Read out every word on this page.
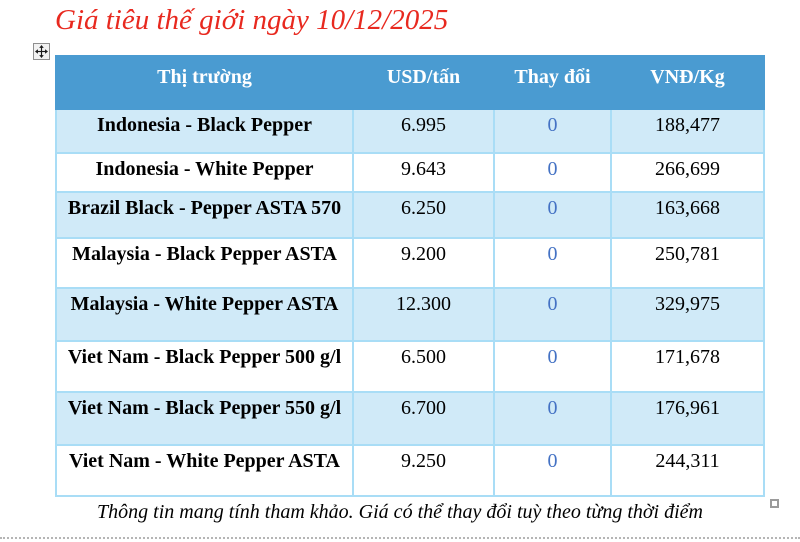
Giá tiêu thế giới ngày 10/12/2025
Thị trường	USD/tấn	Thay đổi	VNĐ/Kg
Indonesia - Black Pepper	6.995	0	188,477
Indonesia - White Pepper	9.643	0	266,699
Brazil Black - Pepper ASTA 570	6.250	0	163,668
Malaysia - Black Pepper ASTA	9.200	0	250,781
Malaysia - White Pepper ASTA	12.300	0	329,975
Viet Nam - Black Pepper 500 g/l	6.500	0	171,678
Viet Nam - Black Pepper 550 g/l	6.700	0	176,961
Viet Nam - White Pepper ASTA	9.250	0	244,311
Thông tin mang tính tham khảo. Giá có thể thay đổi tuỳ theo từng thời điểm
